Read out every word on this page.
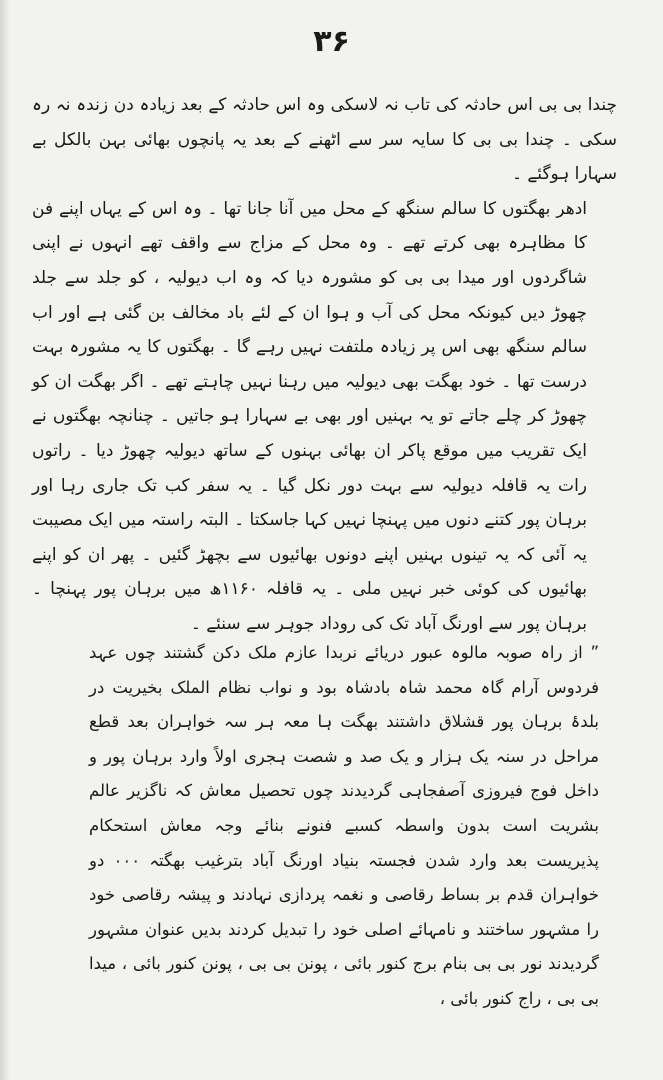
۳۶

چندا بی بی اس حادثہ کی تاب نہ لاسکی وہ اس حادثہ کے بعد زیادہ دن زندہ نہ رہ سکی ۔ چندا بی بی کا سایہ سر سے اٹھنے کے بعد یہ پانچوں بھائی بہن بالکل بے سہارا ہوگئے ۔

ادھر بھگتوں کا سالم سنگھ کے محل میں آنا جانا تھا ۔ وہ اس کے یہاں اپنے فن کا مظاہرہ بھی کرتے تھے ۔ وہ محل کے مزاج سے واقف تھے انہوں نے اپنی شاگردوں اور میدا بی بی کو مشورہ دیا کہ وہ اب دیولیہ ، کو جلد سے جلد چھوڑ دیں کیونکہ محل کی آب و ہوا ان کے لئے باد مخالف بن گئی ہے اور اب سالم سنگھ بھی اس پر زیادہ ملتفت نہیں رہے گا ۔ بھگتوں کا یہ مشورہ بہت درست تھا ۔ خود بھگت بھی دیولیہ میں رہنا نہیں چاہتے تھے ۔ اگر بھگت ان کو چھوڑ کر چلے جاتے تو یہ بہنیں اور بھی بے سہارا ہو جاتیں ۔ چنانچہ بھگتوں نے ایک تقریب میں موقع پاکر ان بھائی بہنوں کے ساتھ دیولیہ چھوڑ دیا ۔ راتوں رات یہ قافلہ دیولیہ سے بہت دور نکل گیا ۔ یہ سفر کب تک جاری رہا اور برہان پور کتنے دنوں میں پہنچا نہیں کہا جاسکتا ۔ البتہ راستہ میں ایک مصیبت یہ آئی کہ یہ تینوں بہنیں اپنے دونوں بھائیوں سے بچھڑ گئیں ۔ پھر ان کو اپنے بھائیوں کی کوئی خبر نہیں ملی ۔ یہ قافلہ ۱۱۶۰ھ میں برہان پور پہنچا ۔ برہان پور سے اورنگ آباد تک کی روداد جوہر سے سنئے ۔

” از راہ صوبہ مالوہ عبور دریائے نربدا عازم ملک دکن گشتند چوں عہد فردوس آرام گاہ محمد شاہ بادشاہ بود و نواب نظام الملک بخیریت در بلدۂ برہان پور قشلاق داشتند بھگت ہا معہ ہر سہ خواہران بعد قطع مراحل در سنہ یک ہزار و یک صد و شصت ہجری اولاً وارد برہان پور و داخل فوج فیروزی آصفجاہی گردیدند چوں تحصیل معاش کہ ناگزیر عالم بشریت است بدون واسطہ کسبے فنونے بنائے وجہ معاش استحکام پذیریست بعد وارد شدن فجستہ بنیاد اورنگ آباد بترغیب بھگتہ ۰۰۰ دو خواہران قدم بر بساط رقاصی و نغمہ پردازی نہادند و پیشہ رقاصی خود را مشہور ساختند و نامہائے اصلی خود را تبدیل کردند بدیں عنوان مشہور گردیدند نور بی بی بنام برج کنور بائی ، پونن بی بی ، پونن کنور بائی ، میدا بی بی ، راج کنور بائی ،
